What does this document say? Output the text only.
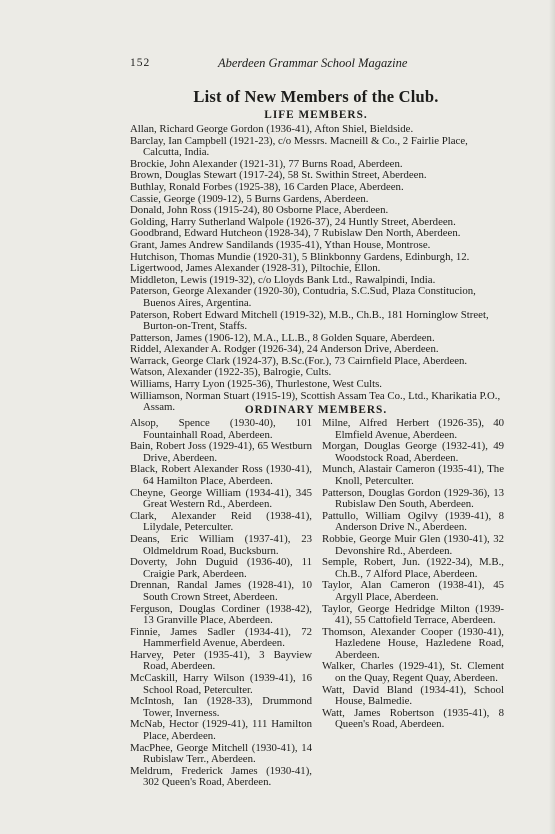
152	Aberdeen Grammar School Magazine
List of New Members of the Club.
LIFE MEMBERS.
Allan, Richard George Gordon (1936-41), Afton Shiel, Bieldside.
Barclay, Ian Campbell (1921-23), c/o Messrs. Macneill & Co., 2 Fairlie Place, Calcutta, India.
Brockie, John Alexander (1921-31), 77 Burns Road, Aberdeen.
Brown, Douglas Stewart (1917-24), 58 St. Swithin Street, Aberdeen.
Buthlay, Ronald Forbes (1925-38), 16 Carden Place, Aberdeen.
Cassie, George (1909-12), 5 Burns Gardens, Aberdeen.
Donald, John Ross (1915-24), 80 Osborne Place, Aberdeen.
Golding, Harry Sutherland Walpole (1926-37), 24 Huntly Street, Aberdeen.
Goodbrand, Edward Hutcheon (1928-34), 7 Rubislaw Den North, Aberdeen.
Grant, James Andrew Sandilands (1935-41), Ythan House, Montrose.
Hutchison, Thomas Mundie (1920-31), 5 Blinkbonny Gardens, Edinburgh, 12.
Ligertwood, James Alexander (1928-31), Piltochie, Ellon.
Middleton, Lewis (1919-32), c/o Lloyds Bank Ltd., Rawalpindi, India.
Paterson, George Alexander (1920-30), Contudria, S.C.Sud, Plaza Constitucion, Buenos Aires, Argentina.
Paterson, Robert Edward Mitchell (1919-32), M.B., Ch.B., 181 Horninglow Street, Burton-on-Trent, Staffs.
Patterson, James (1906-12), M.A., LL.B., 8 Golden Square, Aberdeen.
Riddel, Alexander A. Rodger (1926-34), 24 Anderson Drive, Aberdeen.
Warrack, George Clark (1924-37), B.Sc.(For.), 73 Cairnfield Place, Aberdeen.
Watson, Alexander (1922-35), Balrogie, Cults.
Williams, Harry Lyon (1925-36), Thurlestone, West Cults.
Williamson, Norman Stuart (1915-19), Scottish Assam Tea Co., Ltd., Kharikatia P.O., Assam.	ORDINARY MEMBERS.
Alsop, Spence (1930-40), 101 Fountainhall Road, Aberdeen.
Bain, Robert Joss (1929-41), 65 Westburn Drive, Aberdeen.
Black, Robert Alexander Ross (1930-41), 64 Hamilton Place, Aberdeen.
Cheyne, George William (1934-41), 345 Great Western Rd., Aberdeen.
Clark, Alexander Reid (1938-41), Lilydale, Peterculter.
Deans, Eric William (1937-41), 23 Oldmeldrum Road, Bucksburn.
Doverty, John Duguid (1936-40), 11 Craigie Park, Aberdeen.
Drennan, Randal James (1928-41), 10 South Crown Street, Aberdeen.
Ferguson, Douglas Cordiner (1938-42), 13 Granville Place, Aberdeen.
Finnie, James Sadler (1934-41), 72 Hammerfield Avenue, Aberdeen.
Harvey, Peter (1935-41), 3 Bayview Road, Aberdeen.
McCaskill, Harry Wilson (1939-41), 16 School Road, Peterculter.
McIntosh, Ian (1928-33), Drummond Tower, Inverness.
McNab, Hector (1929-41), 111 Hamilton Place, Aberdeen.
MacPhee, George Mitchell (1930-41), 14 Rubislaw Terr., Aberdeen.
Meldrum, Frederick James (1930-41), 302 Queen's Road, Aberdeen.
Milne, Alfred Herbert (1926-35), 40 Elmfield Avenue, Aberdeen.
Morgan, Douglas George (1932-41), 49 Woodstock Road, Aberdeen.
Munch, Alastair Cameron (1935-41), The Knoll, Peterculter.
Patterson, Douglas Gordon (1929-36), 13 Rubislaw Den South, Aberdeen.
Pattullo, William Ogilvy (1939-41), 8 Anderson Drive N., Aberdeen.
Robbie, George Muir Glen (1930-41), 32 Devonshire Rd., Aberdeen.
Semple, Robert, Jun. (1922-34), M.B., Ch.B., 7 Alford Place, Aberdeen.
Taylor, Alan Cameron (1938-41), 45 Argyll Place, Aberdeen.
Taylor, George Hedridge Milton (1939-41), 55 Cattofield Terrace, Aberdeen.
Thomson, Alexander Cooper (1930-41), Hazledene House, Hazledene Road, Aberdeen.
Walker, Charles (1929-41), St. Clement on the Quay, Regent Quay, Aberdeen.
Watt, David Bland (1934-41), School House, Balmedie.
Watt, James Robertson (1935-41), 8 Queen's Road, Aberdeen.
